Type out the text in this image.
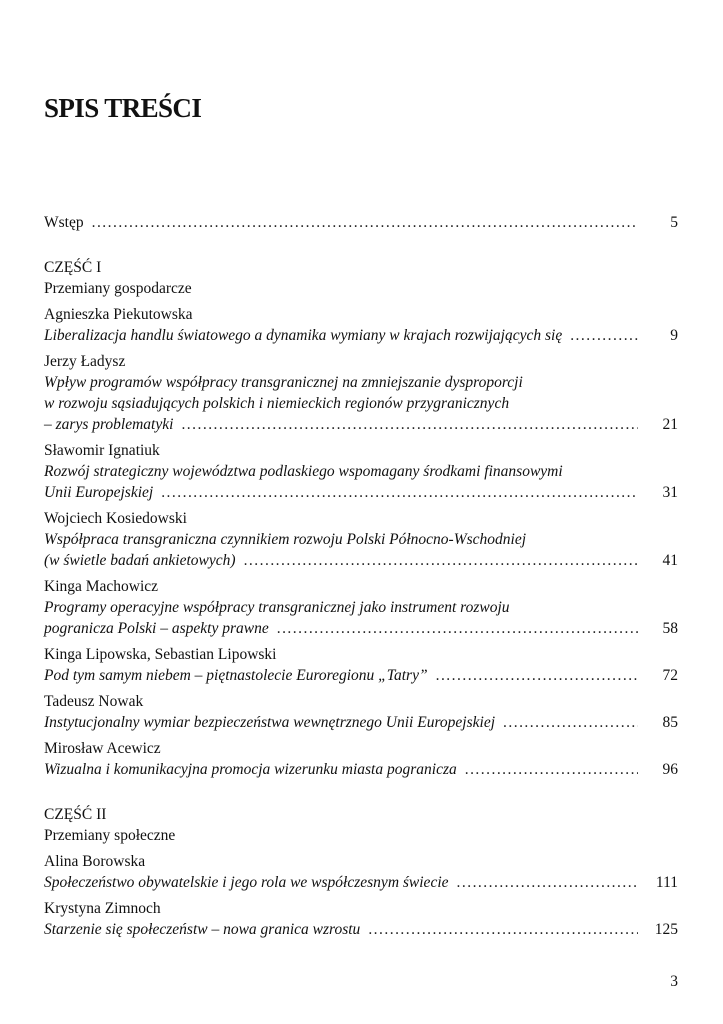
SPIS TREŚCI
Wstęp . . .	5
CZĘŚĆ I
Przemiany gospodarcze
Agnieszka Piekutowska
Liberalizacja handlu światowego a dynamika wymiany w krajach rozwijających się . . .	9
Jerzy Ładysz
Wpływ programów współpracy transgranicznej na zmniejszanie dysproporcji
w rozwoju sąsiadujących polskich i niemieckich regionów przygranicznych
– zarys problematyki . . .	21
Sławomir Ignatiuk
Rozwój strategiczny województwa podlaskiego wspomagany środkami finansowymi
Unii Europejskiej . . .	31
Wojciech Kosiedowski
Współpraca transgraniczna czynnikiem rozwoju Polski Północno-Wschodniej
(w świetle badań ankietowych) . . .	41
Kinga Machowicz
Programy operacyjne współpracy transgranicznej jako instrument rozwoju
pogranicza Polski – aspekty prawne . . .	58
Kinga Lipowska, Sebastian Lipowski
Pod tym samym niebem – piętnastolecie Euroregionu „Tatry” . . .	72
Tadeusz Nowak
Instytucjonalny wymiar bezpieczeństwa wewnętrznego Unii Europejskiej . . .	85
Mirosław Acewicz
Wizualna i komunikacyjna promocja wizerunku miasta pogranicza . . .	96
CZĘŚĆ II
Przemiany społeczne
Alina Borowska
Społeczeństwo obywatelskie i jego rola we współczesnym świecie . . .	111
Krystyna Zimnoch
Starzenie się społeczeństw – nowa granica wzrostu . . .	125
3
